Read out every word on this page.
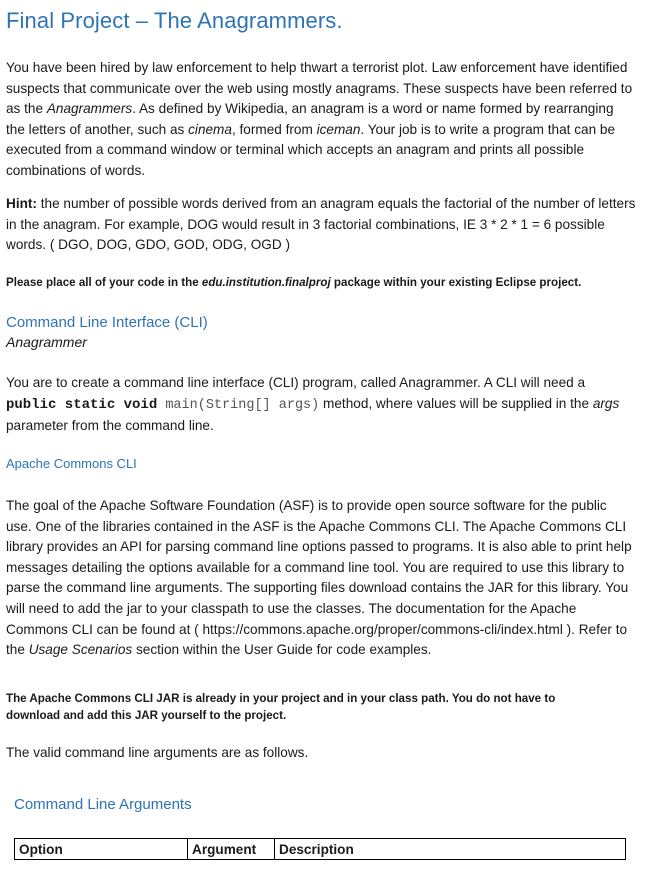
Final Project – The Anagrammers.

You have been hired by law enforcement to help thwart a terrorist plot. Law enforcement have identified suspects that communicate over the web using mostly anagrams. These suspects have been referred to as the Anagrammers. As defined by Wikipedia, an anagram is a word or name formed by rearranging the letters of another, such as cinema, formed from iceman. Your job is to write a program that can be executed from a command window or terminal which accepts an anagram and prints all possible combinations of words.

Hint: the number of possible words derived from an anagram equals the factorial of the number of letters in the anagram. For example, DOG would result in 3 factorial combinations, IE 3 * 2 * 1 = 6 possible words. ( DGO, DOG, GDO, GOD, ODG, OGD )

Please place all of your code in the edu.institution.finalproj package within your existing Eclipse project.

Command Line Interface (CLI)

Anagrammer

You are to create a command line interface (CLI) program, called Anagrammer. A CLI will need a public static void main(String[] args) method, where values will be supplied in the args parameter from the command line.

Apache Commons CLI

The goal of the Apache Software Foundation (ASF) is to provide open source software for the public use. One of the libraries contained in the ASF is the Apache Commons CLI. The Apache Commons CLI library provides an API for parsing command line options passed to programs. It is also able to print help messages detailing the options available for a command line tool. You are required to use this library to parse the command line arguments. The supporting files download contains the JAR for this library. You will need to add the jar to your classpath to use the classes. The documentation for the Apache Commons CLI can be found at ( https://commons.apache.org/proper/commons-cli/index.html ). Refer to the Usage Scenarios section within the User Guide for code examples.

The Apache Commons CLI JAR is already in your project and in your class path. You do not have to download and add this JAR yourself to the project.

The valid command line arguments are as follows.

Command Line Arguments
Option	Argument	Description
